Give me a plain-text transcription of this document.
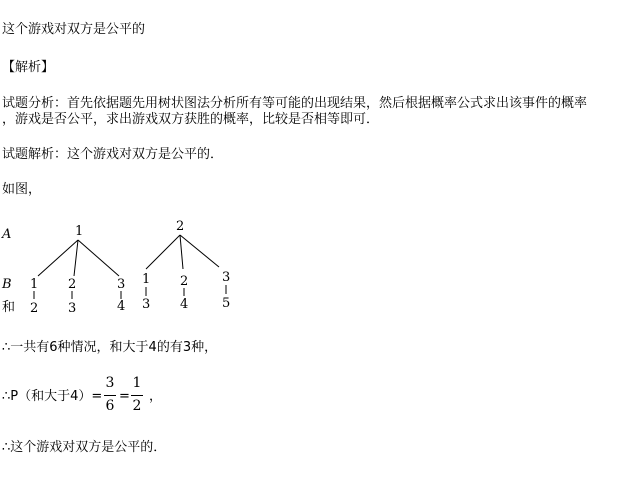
这个游戏对双方是公平的
【解析】
试题分析：首先依据题先用树状图法分析所有等可能的出现结果，然后根据概率公式求出该事件的概率
，游戏是否公平，求出游戏双方获胜的概率，比较是否相等即可．
试题解析：这个游戏对双方是公平的．
如图，
A
B
和
1
1 2	3
2 3	4
2
1 2	3
3 4	5
∴一共有6种情况，和大于4的有3种，
∴P（和大于4）=
3
6
=
1
2
，
∴这个游戏对双方是公平的．
